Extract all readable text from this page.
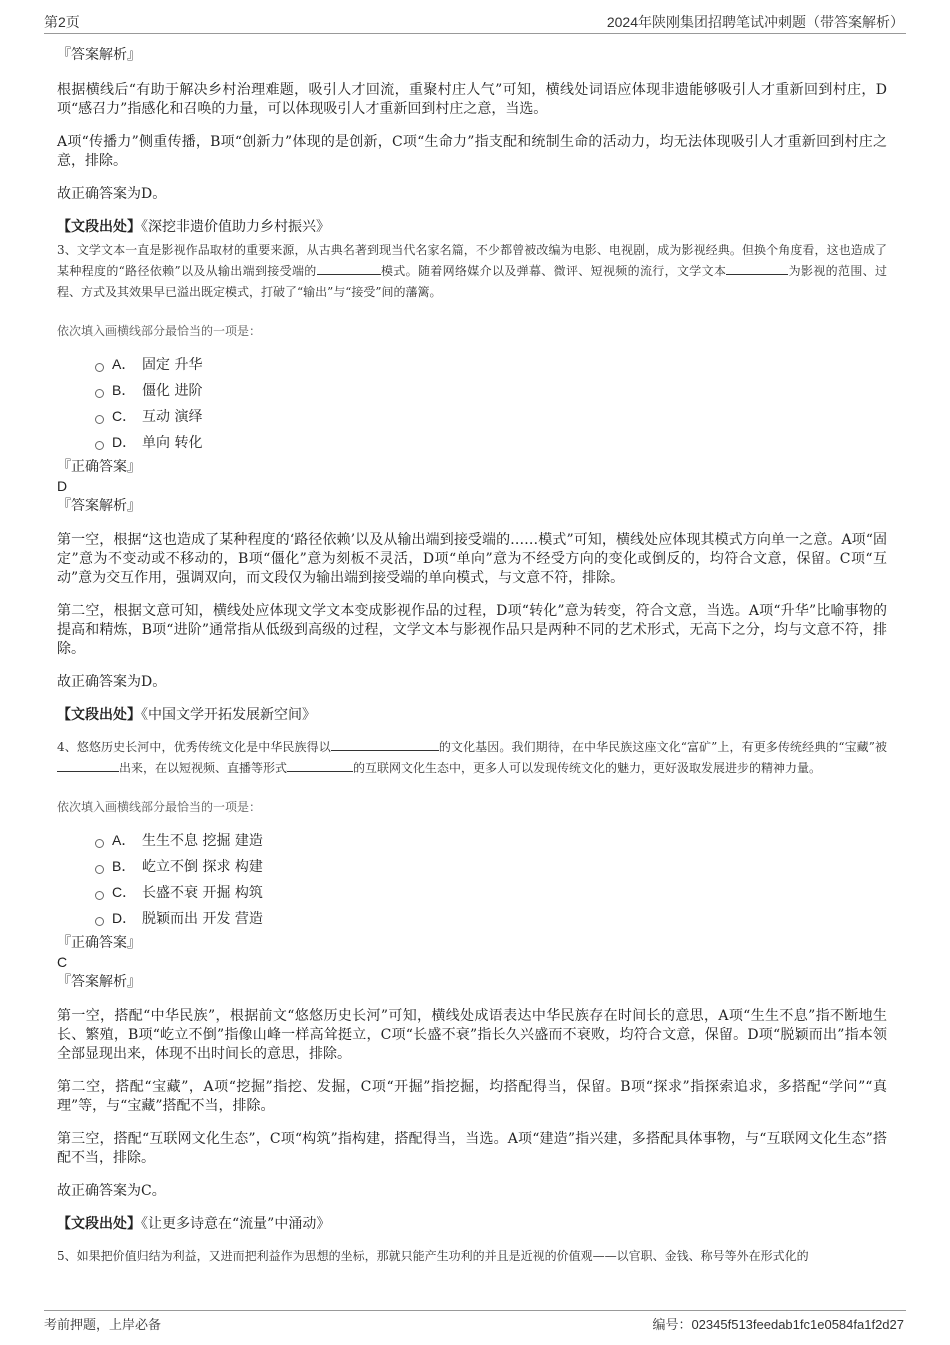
第2页	2024年陕刚集团招聘笔试冲刺题（带答案解析）

『答案解析』

根据横线后“有助于解决乡村治理难题，吸引人才回流，重聚村庄人气”可知，横线处词语应体现非遗能够吸引人才重新回到村庄，D项“感召力”指感化和召唤的力量，可以体现吸引人才重新回到村庄之意，当选。

A项“传播力”侧重传播，B项“创新力”体现的是创新，C项“生命力”指支配和统制生命的活动力，均无法体现吸引人才重新回到村庄之意，排除。

故正确答案为D。

【文段出处】《深挖非遗价值助力乡村振兴》

3、文学文本一直是影视作品取材的重要来源，从古典名著到现当代名家名篇，不少都曾被改编为电影、电视剧，成为影视经典。但换个角度看，这也造成了某种程度的“路径依赖”以及从输出端到接受端的	模式。随着网络媒介以及弹幕、微评、短视频的流行，文学文本	为影视的范围、过程、方式及其效果早已溢出既定模式，打破了“输出”与“接受”间的藩篱。

依次填入画横线部分最恰当的一项是：

A． 固定 升华
B． 僵化 进阶
C． 互动 演绎
D． 单向 转化

『正确答案』

D

『答案解析』

第一空，根据“这也造成了某种程度的‘路径依赖’以及从输出端到接受端的……模式”可知，横线处应体现其模式方向单一之意。A项“固定”意为不变动或不移动的，B项“僵化”意为刻板不灵活，D项“单向”意为不经受方向的变化或倒反的，均符合文意，保留。C项“互动”意为交互作用，强调双向，而文段仅为输出端到接受端的单向模式，与文意不符，排除。

第二空，根据文意可知，横线处应体现文学文本变成影视作品的过程，D项“转化”意为转变，符合文意，当选。A项“升华”比喻事物的提高和精炼，B项“进阶”通常指从低级到高级的过程，文学文本与影视作品只是两种不同的艺术形式，无高下之分，均与文意不符，排除。

故正确答案为D。

【文段出处】《中国文学开拓发展新空间》

4、悠悠历史长河中，优秀传统文化是中华民族得以	的文化基因。我们期待，在中华民族这座文化“富矿”上，有更多传统经典的“宝藏”被出来，在以短视频、直播等形式	的互联网文化生态中，更多人可以发现传统文化的魅力，更好汲取发展进步的精神力量。

依次填入画横线部分最恰当的一项是：

A． 生生不息 挖掘 建造
B． 屹立不倒 探求 构建
C． 长盛不衰 开掘 构筑
D． 脱颖而出 开发 营造

『正确答案』

C

『答案解析』

第一空，搭配“中华民族”，根据前文“悠悠历史长河”可知，横线处成语表达中华民族存在时间长的意思，A项“生生不息”指不断地生长、繁殖，B项“屹立不倒”指像山峰一样高耸挺立，C项“长盛不衰”指长久兴盛而不衰败，均符合文意，保留。D项“脱颖而出”指本领全部显现出来，体现不出时间长的意思，排除。

第二空，搭配“宝藏”，A项“挖掘”指挖、发掘，C项“开掘”指挖掘，均搭配得当，保留。B项“探求”指探索追求，多搭配“学问”“真理”等，与“宝藏”搭配不当，排除。

第三空，搭配“互联网文化生态”，C项“构筑”指构建，搭配得当，当选。A项“建造”指兴建，多搭配具体事物，与“互联网文化生态”搭配不当，排除。

故正确答案为C。

【文段出处】《让更多诗意在“流量”中涌动》

5、如果把价值归结为利益，又进而把利益作为思想的坐标，那就只能产生功利的并且是近视的价值观——以官职、金钱、称号等外在形式化的

考前押题，上岸必备	编号：02345f513feedab1fc1e0584fa1f2d27
